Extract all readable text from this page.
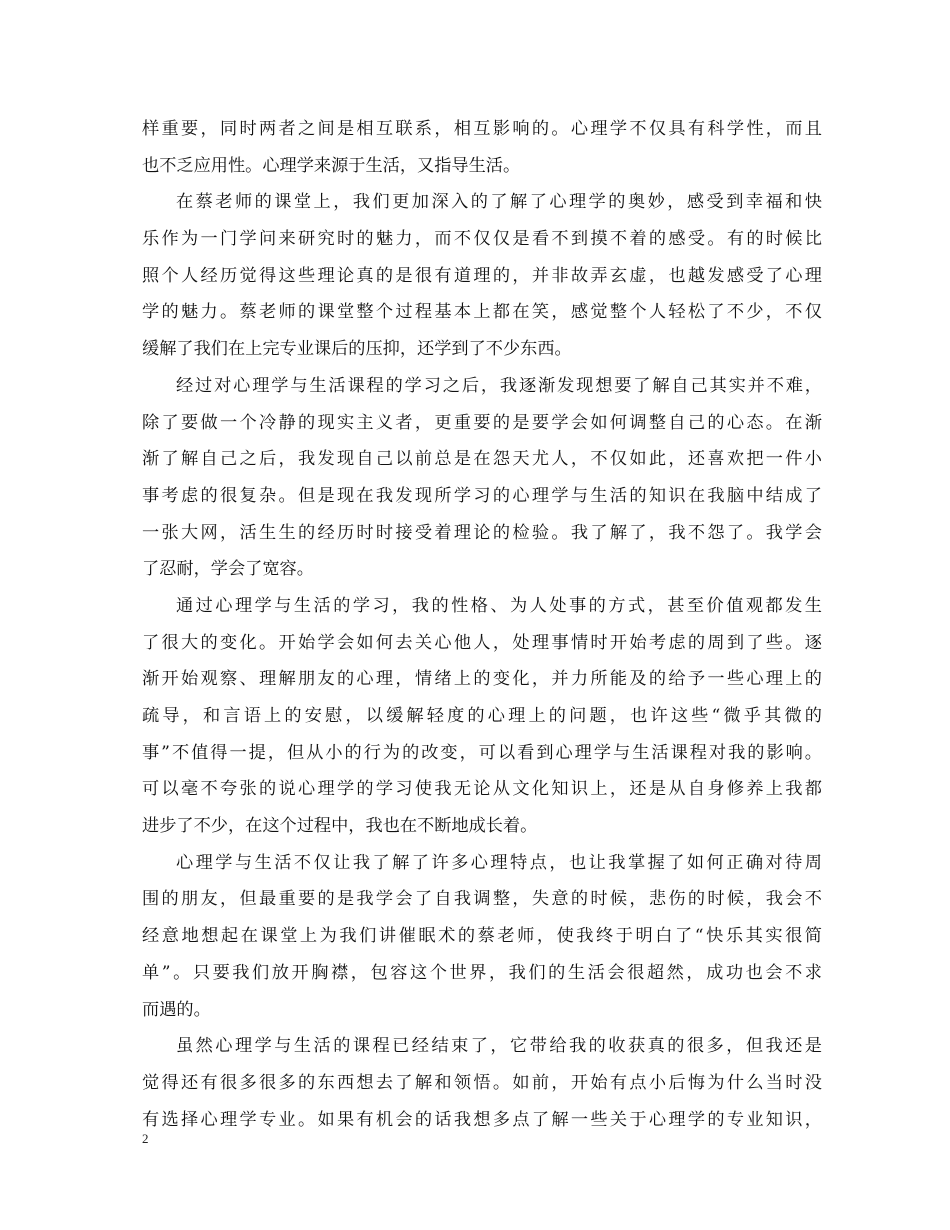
样重要，同时两者之间是相互联系，相互影响的。心理学不仅具有科学性，而且
也不乏应用性。心理学来源于生活，又指导生活。

在蔡老师的课堂上，我们更加深入的了解了心理学的奥妙，感受到幸福和快
乐作为一门学问来研究时的魅力，而不仅仅是看不到摸不着的感受。有的时候比
照个人经历觉得这些理论真的是很有道理的，并非故弄玄虚，也越发感受了心理
学的魅力。蔡老师的课堂整个过程基本上都在笑，感觉整个人轻松了不少，不仅
缓解了我们在上完专业课后的压抑，还学到了不少东西。

经过对心理学与生活课程的学习之后，我逐渐发现想要了解自己其实并不难，
除了要做一个冷静的现实主义者，更重要的是要学会如何调整自己的心态。在渐
渐了解自己之后，我发现自己以前总是在怨天尤人，不仅如此，还喜欢把一件小
事考虑的很复杂。但是现在我发现所学习的心理学与生活的知识在我脑中结成了
一张大网，活生生的经历时时接受着理论的检验。我了解了，我不怨了。我学会
了忍耐，学会了宽容。

通过心理学与生活的学习，我的性格、为人处事的方式，甚至价值观都发生
了很大的变化。开始学会如何去关心他人，处理事情时开始考虑的周到了些。逐
渐开始观察、理解朋友的心理，情绪上的变化，并力所能及的给予一些心理上的
疏导，和言语上的安慰，以缓解轻度的心理上的问题，也许这些“微乎其微的
事”不值得一提，但从小的行为的改变，可以看到心理学与生活课程对我的影响。
可以毫不夸张的说心理学的学习使我无论从文化知识上，还是从自身修养上我都
进步了不少，在这个过程中，我也在不断地成长着。

心理学与生活不仅让我了解了许多心理特点，也让我掌握了如何正确对待周
围的朋友，但最重要的是我学会了自我调整，失意的时候，悲伤的时候，我会不
经意地想起在课堂上为我们讲催眠术的蔡老师，使我终于明白了“快乐其实很简
单”。只要我们放开胸襟，包容这个世界，我们的生活会很超然，成功也会不求
而遇的。

虽然心理学与生活的课程已经结束了，它带给我的收获真的很多，但我还是
觉得还有很多很多的东西想去了解和领悟。如前，开始有点小后悔为什么当时没
有选择心理学专业。如果有机会的话我想多点了解一些关于心理学的专业知识，

2
